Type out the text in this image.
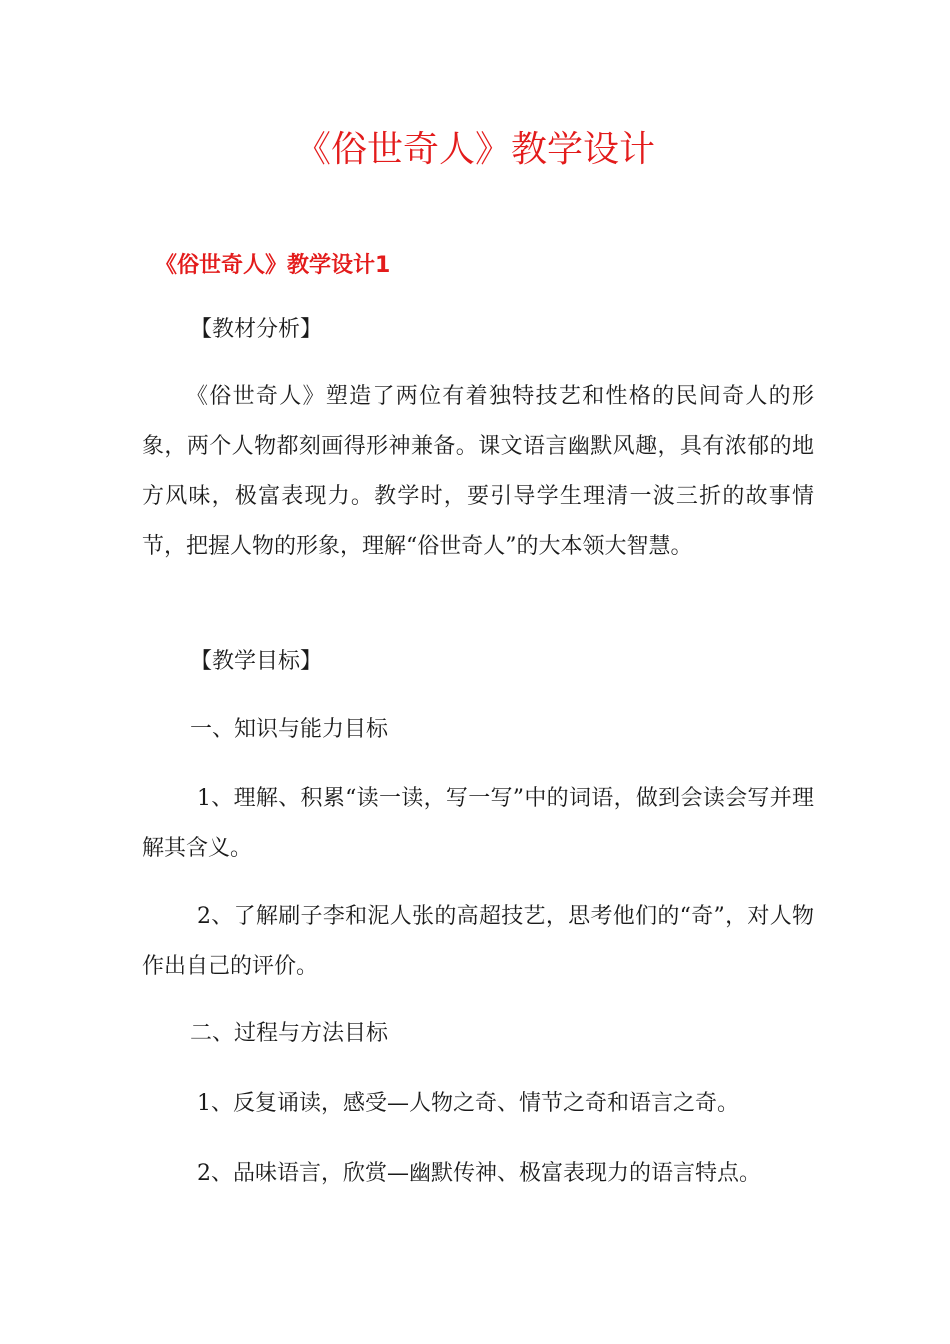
《俗世奇人》教学设计
《俗世奇人》教学设计1
【教材分析】
《俗世奇人》塑造了两位有着独特技艺和性格的民间奇人的形象，两个人物都刻画得形神兼备。课文语言幽默风趣，具有浓郁的地方风味，极富表现力。教学时，要引导学生理清一波三折的故事情节，把握人物的形象，理解“俗世奇人”的大本领大智慧。
【教学目标】
一、知识与能力目标
1、理解、积累“读一读，写一写”中的词语，做到会读会写并理解其含义。
2、了解刷子李和泥人张的高超技艺，思考他们的“奇”，对人物作出自己的评价。
二、过程与方法目标
1、反复诵读，感受—人物之奇、情节之奇和语言之奇。
2、品味语言，欣赏—幽默传神、极富表现力的语言特点。
